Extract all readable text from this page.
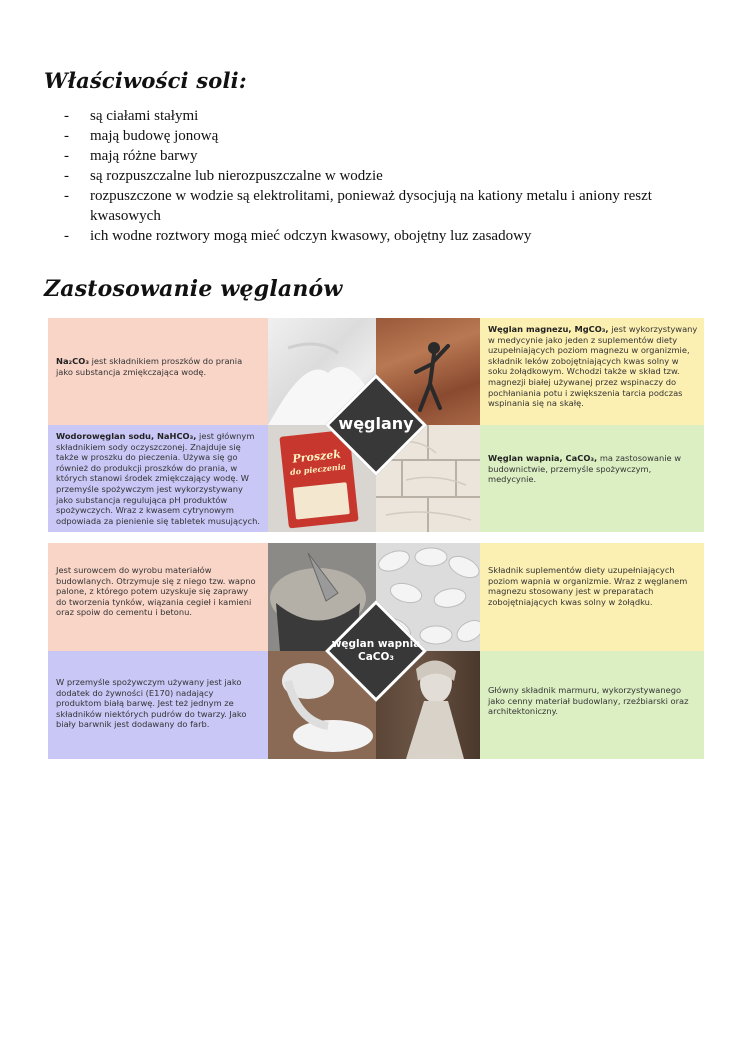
Właściwości soli:
- są ciałami stałymi
- mają budowę jonową
- mają różne barwy
- są rozpuszczalne lub nierozpuszczalne w wodzie
- rozpuszczone w wodzie są elektrolitami, ponieważ dysocjują na kationy metalu i aniony reszt kwasowych
- ich wodne roztwory mogą mieć odczyn kwasowy, obojętny luz zasadowy
Zastosowanie węglanów
Na₂CO₃ jest składnikiem proszków do prania jako substancja zmiękczająca wodę.
Węglan magnezu, MgCO₃, jest wykorzystywany w medycynie jako jeden z suplementów diety uzupełniających poziom magnezu w organizmie, składnik leków zobojętniających kwas solny w soku żołądkowym. Wchodzi także w skład tzw. magnezji białej używanej przez wspinaczy do pochłaniania potu i zwiększenia tarcia podczas wspinania się na skałę.
Wodorowęglan sodu, NaHCO₃, jest głównym składnikiem sody oczyszczonej. Znajduje się także w proszku do pieczenia. Używa się go również do produkcji proszków do prania, w których stanowi środek zmiękczający wodę. W przemyśle spożywczym jest wykorzystywany jako substancja regulująca pH produktów spożywczych. Wraz z kwasem cytrynowym odpowiada za pienienie się tabletek musujących.
Proszek
do pieczenia
Węglan wapnia, CaCO₃, ma zastosowanie w budownictwie, przemyśle spożywczym, medycynie.
węglany
Jest surowcem do wyrobu materiałów budowlanych. Otrzymuje się z niego tzw. wapno palone, z którego potem uzyskuje się zaprawy do tworzenia tynków, wiązania cegieł i kamieni oraz spoiw do cementu i betonu.
Składnik suplementów diety uzupełniających poziom wapnia w organizmie. Wraz z węglanem magnezu stosowany jest w preparatach zobojętniających kwas solny w żołądku.
W przemyśle spożywczym używany jest jako dodatek do żywności (E170) nadający produktom białą barwę. Jest też jednym ze składników niektórych pudrów do twarzy. Jako biały barwnik jest dodawany do farb.
Główny składnik marmuru, wykorzystywanego jako cenny materiał budowlany, rzeźbiarski oraz architektoniczny.
węglan wapnia
CaCO₃
